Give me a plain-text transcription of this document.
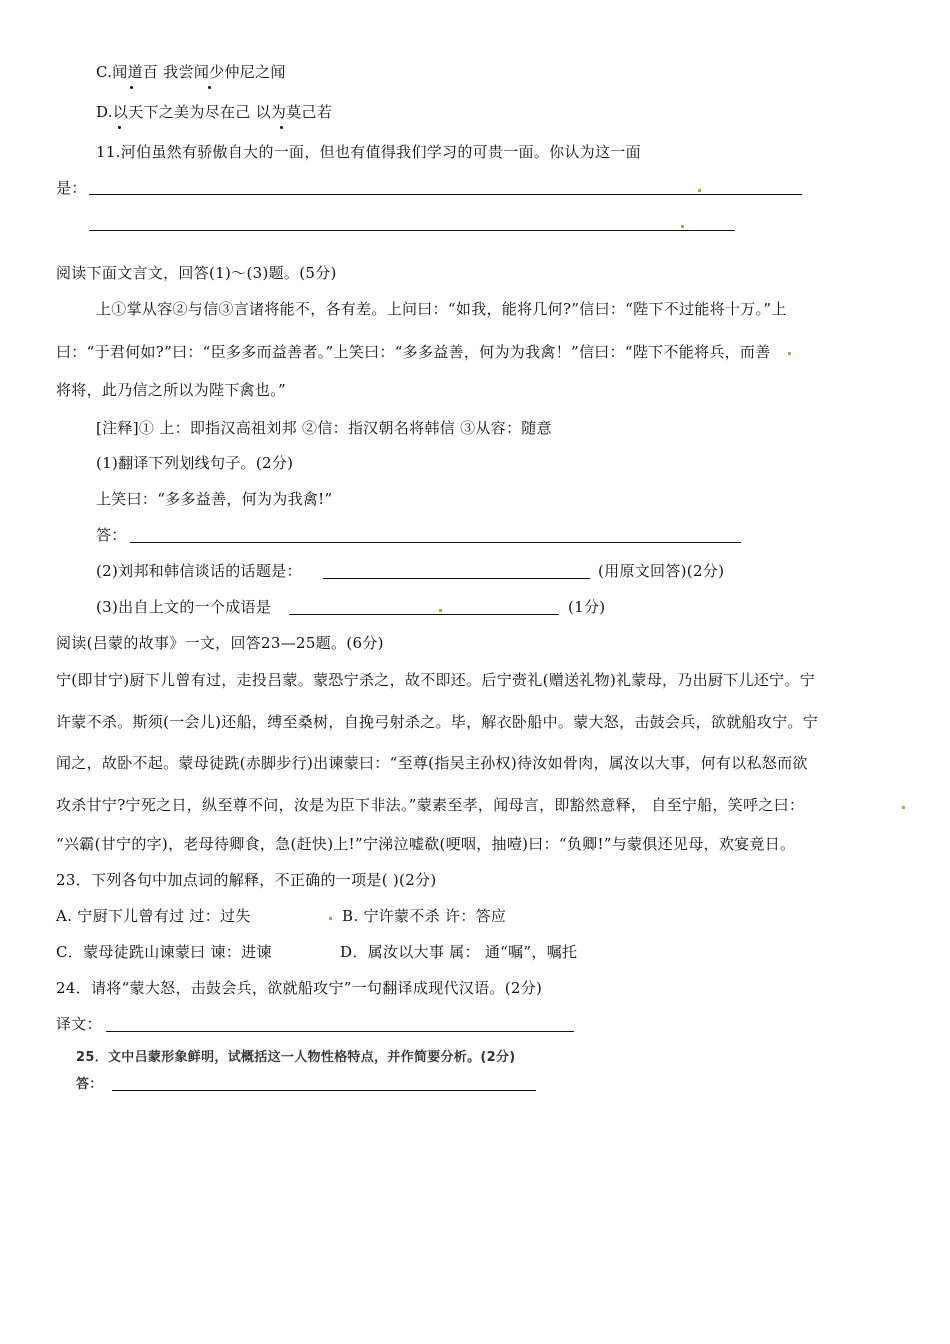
C.闻道百 我尝闻少仲尼之闻
D.以天下之美为尽在己 以为莫己若
11.河伯虽然有骄傲自大的一面，但也有值得我们学习的可贵一面。你认为这一面
是：
阅读下面文言文，回答(1)～(3)题。(5分)
上①掌从容②与信③言诸将能不，各有差。上问曰：“如我，能将几何?”信曰：“陛下不过能将十万。”上
曰：“于君何如?”曰：“臣多多而益善者。”上笑曰：“多多益善，何为为我禽！”信曰：“陛下不能将兵，而善
将将，此乃信之所以为陛下禽也。”
[注释]① 上：即指汉高祖刘邦 ②信：指汉朝名将韩信 ③从容：随意
(1)翻译下列划线句子。(2分)
上笑曰：“多多益善，何为为我禽!”
答：
(2)刘邦和韩信谈话的话题是：	(用原文回答)(2分)
(3)出自上文的一个成语是	(1分)
阅读(吕蒙的故事》一文，回答23—25题。(6分)
宁(即甘宁)厨下儿曾有过，走投吕蒙。蒙恐宁杀之，故不即还。后宁赍礼(赠送礼物)礼蒙母，乃出厨下儿还宁。宁
许蒙不杀。斯须(一会儿)还船，缚至桑树，自挽弓射杀之。毕，解衣卧船中。蒙大怒，击鼓会兵，欲就船攻宁。宁
闻之，故卧不起。蒙母徒跣(赤脚步行)出谏蒙曰：“至尊(指吴主孙权)待汝如骨肉，属汝以大事，何有以私怒而欲
攻杀甘宁?宁死之日，纵至尊不问，汝是为臣下非法。”蒙素至孝，闻母言，即豁然意释， 自至宁船，笑呼之曰：
“兴霸(甘宁的字)，老母待卿食，急(赶快)上!”宁涕泣嘘欷(哽咽，抽噎)曰：“负卿!”与蒙俱还见母，欢宴竟日。
23．下列各句中加点词的解释，不正确的一项是( )(2分)
A. 宁厨下儿曾有过 过：过失	B. 宁许蒙不杀 许：答应
C．蒙母徒跣山谏蒙曰 谏：进谏	D．属汝以大事 属： 通“嘱”，嘱托
24．请将“蒙大怒，击鼓会兵，欲就船攻宁”一句翻译成现代汉语。(2分)
译文：
25．文中吕蒙形象鲜明，试概括这一人物性格特点，并作简要分析。(2分)
答：
